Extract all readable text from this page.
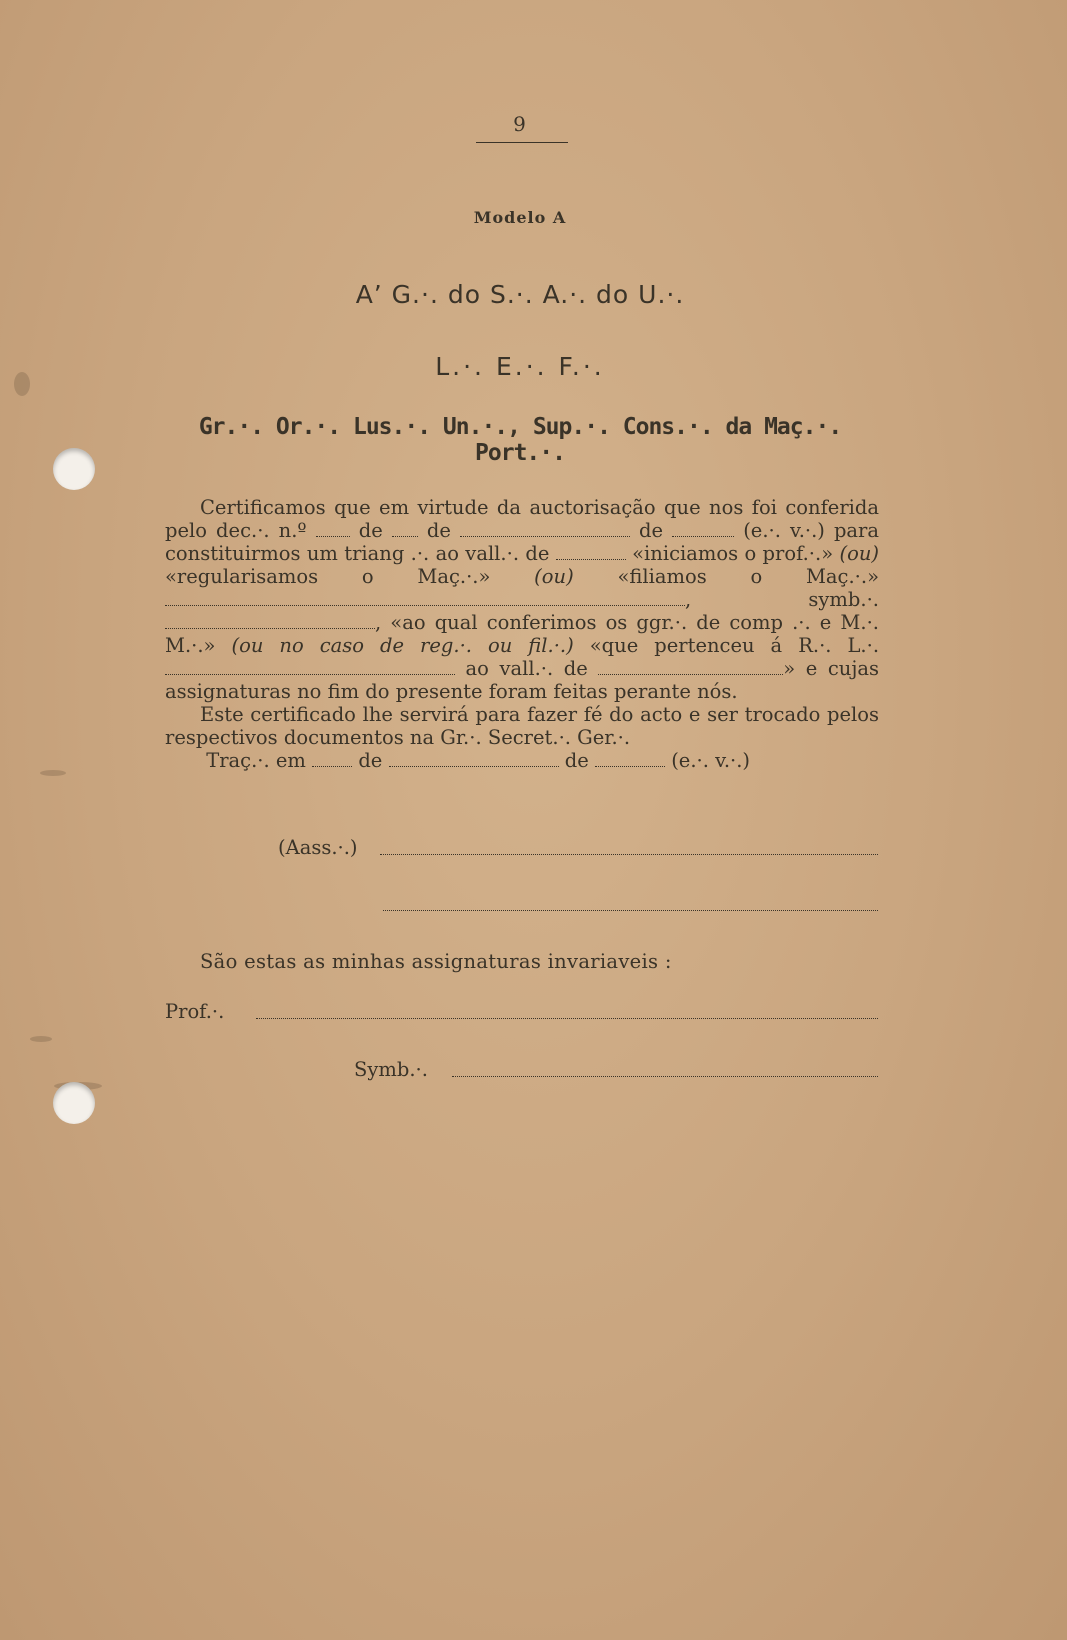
9
Modelo A
A’ G.·. do S.·. A.·. do U.·.
L.·. E.·. F.·.
Gr.·. Or.·. Lus.·. Un.·., Sup.·. Cons.·. da Maç.·. Port.·.

Certificamos que em virtude da auctorisação que nos foi conferida pelo dec.·. n.º	de de	de	(e.·. v.·.) para constituirmos um triang .·. ao vall.·. de	«iniciamos o prof.·.» (ou) «regularisamos o Maç.·.» (ou) «filiamos o Maç.·.» ,	symb.·. , «ao qual conferimos os ggr.·. de comp .·. e M.·. M.·.» (ou no caso de reg.·. ou fil.·.) «que pertenceu á R.·. L.·.  ao vall.·. de	» e cujas assignaturas no fim do presente foram feitas perante nós.

Este certificado lhe servirá para fazer fé do acto e ser trocado pelos respectivos documentos na Gr.·. Secret.·. Ger.·.

Traç.·. em	de	de	(e.·. v.·.)

(Aass.·.)
São estas as minhas assignaturas invariaveis :
Prof.·.
Symb.·.
